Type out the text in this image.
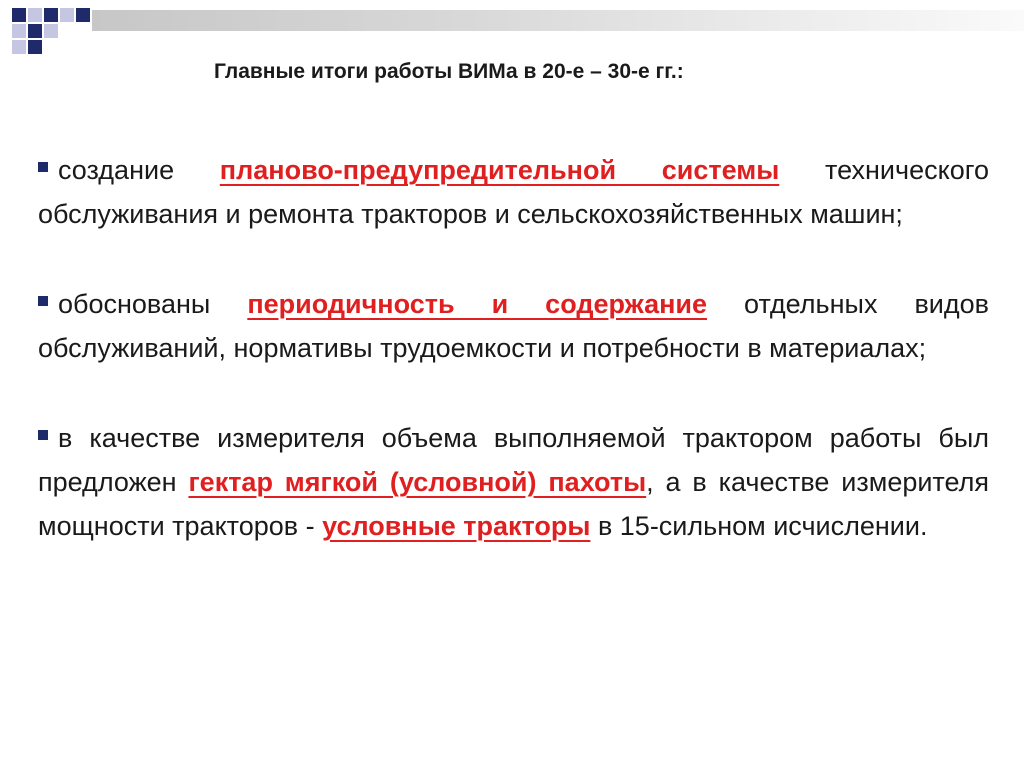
Главные итоги работы ВИМа в 20-е – 30-е гг.:

создание планово-предупредительной системы технического обслуживания и ремонта тракторов и сельскохозяйственных машин;

обоснованы периодичность и содержание отдельных видов обслуживаний, нормативы трудоемкости и потребности в материалах;

в качестве измерителя объема выполняемой трактором работы был предложен гектар мягкой (условной) пахоты, а в качестве измерителя мощности тракторов - условные тракторы в 15-сильном исчислении.
